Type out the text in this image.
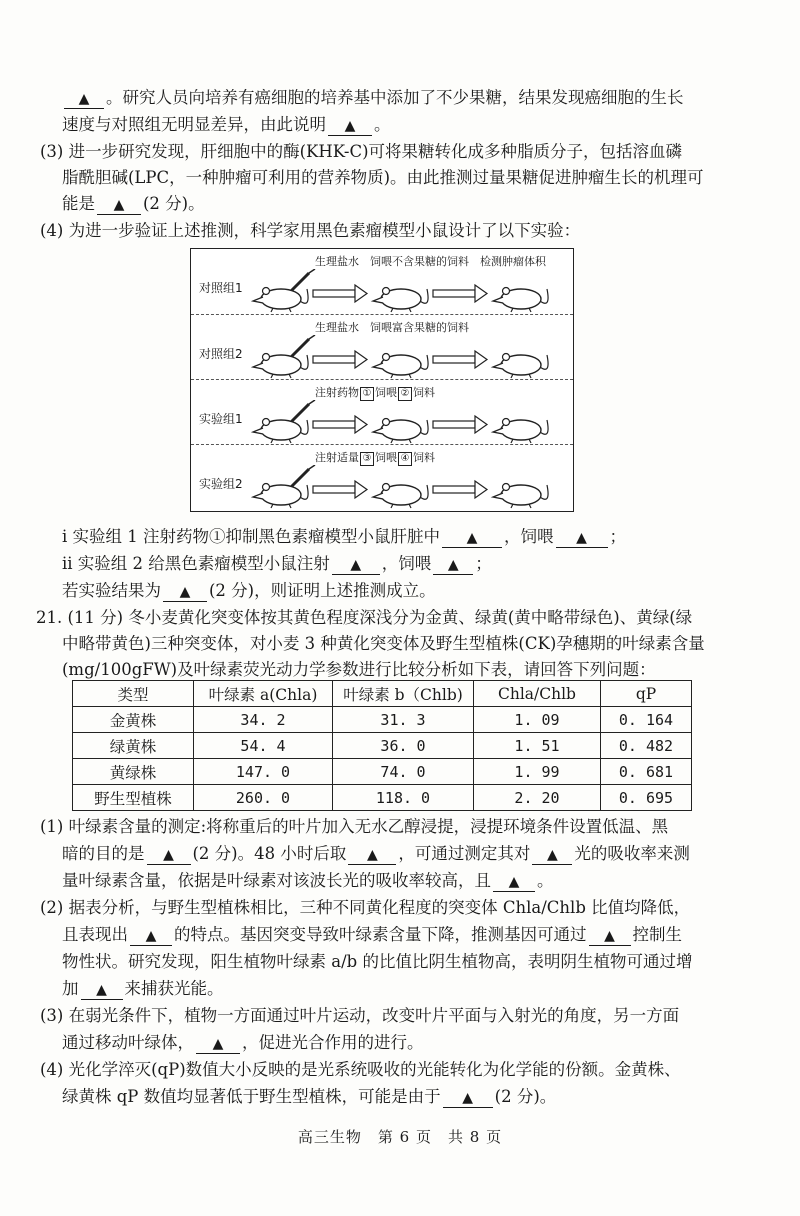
▲ 。研究人员向培养有癌细胞的培养基中添加了不少果糖，结果发现癌细胞的生长
速度与对照组无明显差异，由此说明 ▲ 。
(3) 进一步研究发现，肝细胞中的酶(KHK-C)可将果糖转化成多种脂质分子，包括溶血磷
脂酰胆碱(LPC，一种肿瘤可利用的营养物质)。由此推测过量果糖促进肿瘤生长的机理可
能是 ▲ (2 分)。
(4) 为进一步验证上述推测，科学家用黑色素瘤模型小鼠设计了以下实验：
对照组1
生理盐水　 饲喂不含果糖的饲料　 检测肿瘤体积
对照组2
生理盐水　 饲喂富含果糖的饲料
实验组1
注射药物 ① 饲喂 ② 饲料
实验组2
注射适量 ③ 饲喂 ④ 饲料
i 实验组 1 注射药物①抑制黑色素瘤模型小鼠肝脏中 ▲ ，饲喂 ▲ ；
ii 实验组 2 给黑色素瘤模型小鼠注射 ▲ ，饲喂 ▲ ；
若实验结果为 ▲ (2 分)，则证明上述推测成立。
21. (11 分) 冬小麦黄化突变体按其黄色程度深浅分为金黄、绿黄(黄中略带绿色)、黄绿(绿
中略带黄色)三种突变体，对小麦 3 种黄化突变体及野生型植株(CK)孕穗期的叶绿素含量
(mg/100gFW)及叶绿素荧光动力学参数进行比较分析如下表，请回答下列问题：
类型	叶绿素 a(Chla)	叶绿素 b（Chlb)	Chla/Chlb	qP
金黄株	34. 2	31. 3	1. 09	0. 164
绿黄株	54. 4	36. 0	1. 51	0. 482
黄绿株	147. 0	74. 0	1. 99	0. 681
野生型植株	260. 0	118. 0	2. 20	0. 695
(1) 叶绿素含量的测定:将称重后的叶片加入无水乙醇浸提，浸提环境条件设置低温、黑
暗的目的是 ▲ (2 分)。48 小时后取 ▲ ，可通过测定其对 ▲ 光的吸收率来测
量叶绿素含量，依据是叶绿素对该波长光的吸收率较高，且 ▲ 。
(2) 据表分析，与野生型植株相比，三种不同黄化程度的突变体 Chla/Chlb 比值均降低，
且表现出 ▲ 的特点。基因突变导致叶绿素含量下降，推测基因可通过 ▲ 控制生
物性状。研究发现，阳生植物叶绿素 a/b 的比值比阴生植物高，表明阴生植物可通过增
加 ▲ 来捕获光能。
(3) 在弱光条件下，植物一方面通过叶片运动，改变叶片平面与入射光的角度，另一方面
通过移动叶绿体， ▲ ，促进光合作用的进行。
(4) 光化学淬灭(qP)数值大小反映的是光系统吸收的光能转化为化学能的份额。金黄株、
绿黄株 qP 数值均显著低于野生型植株，可能是由于 ▲ (2 分)。
高三生物　第 6 页　共 8 页
